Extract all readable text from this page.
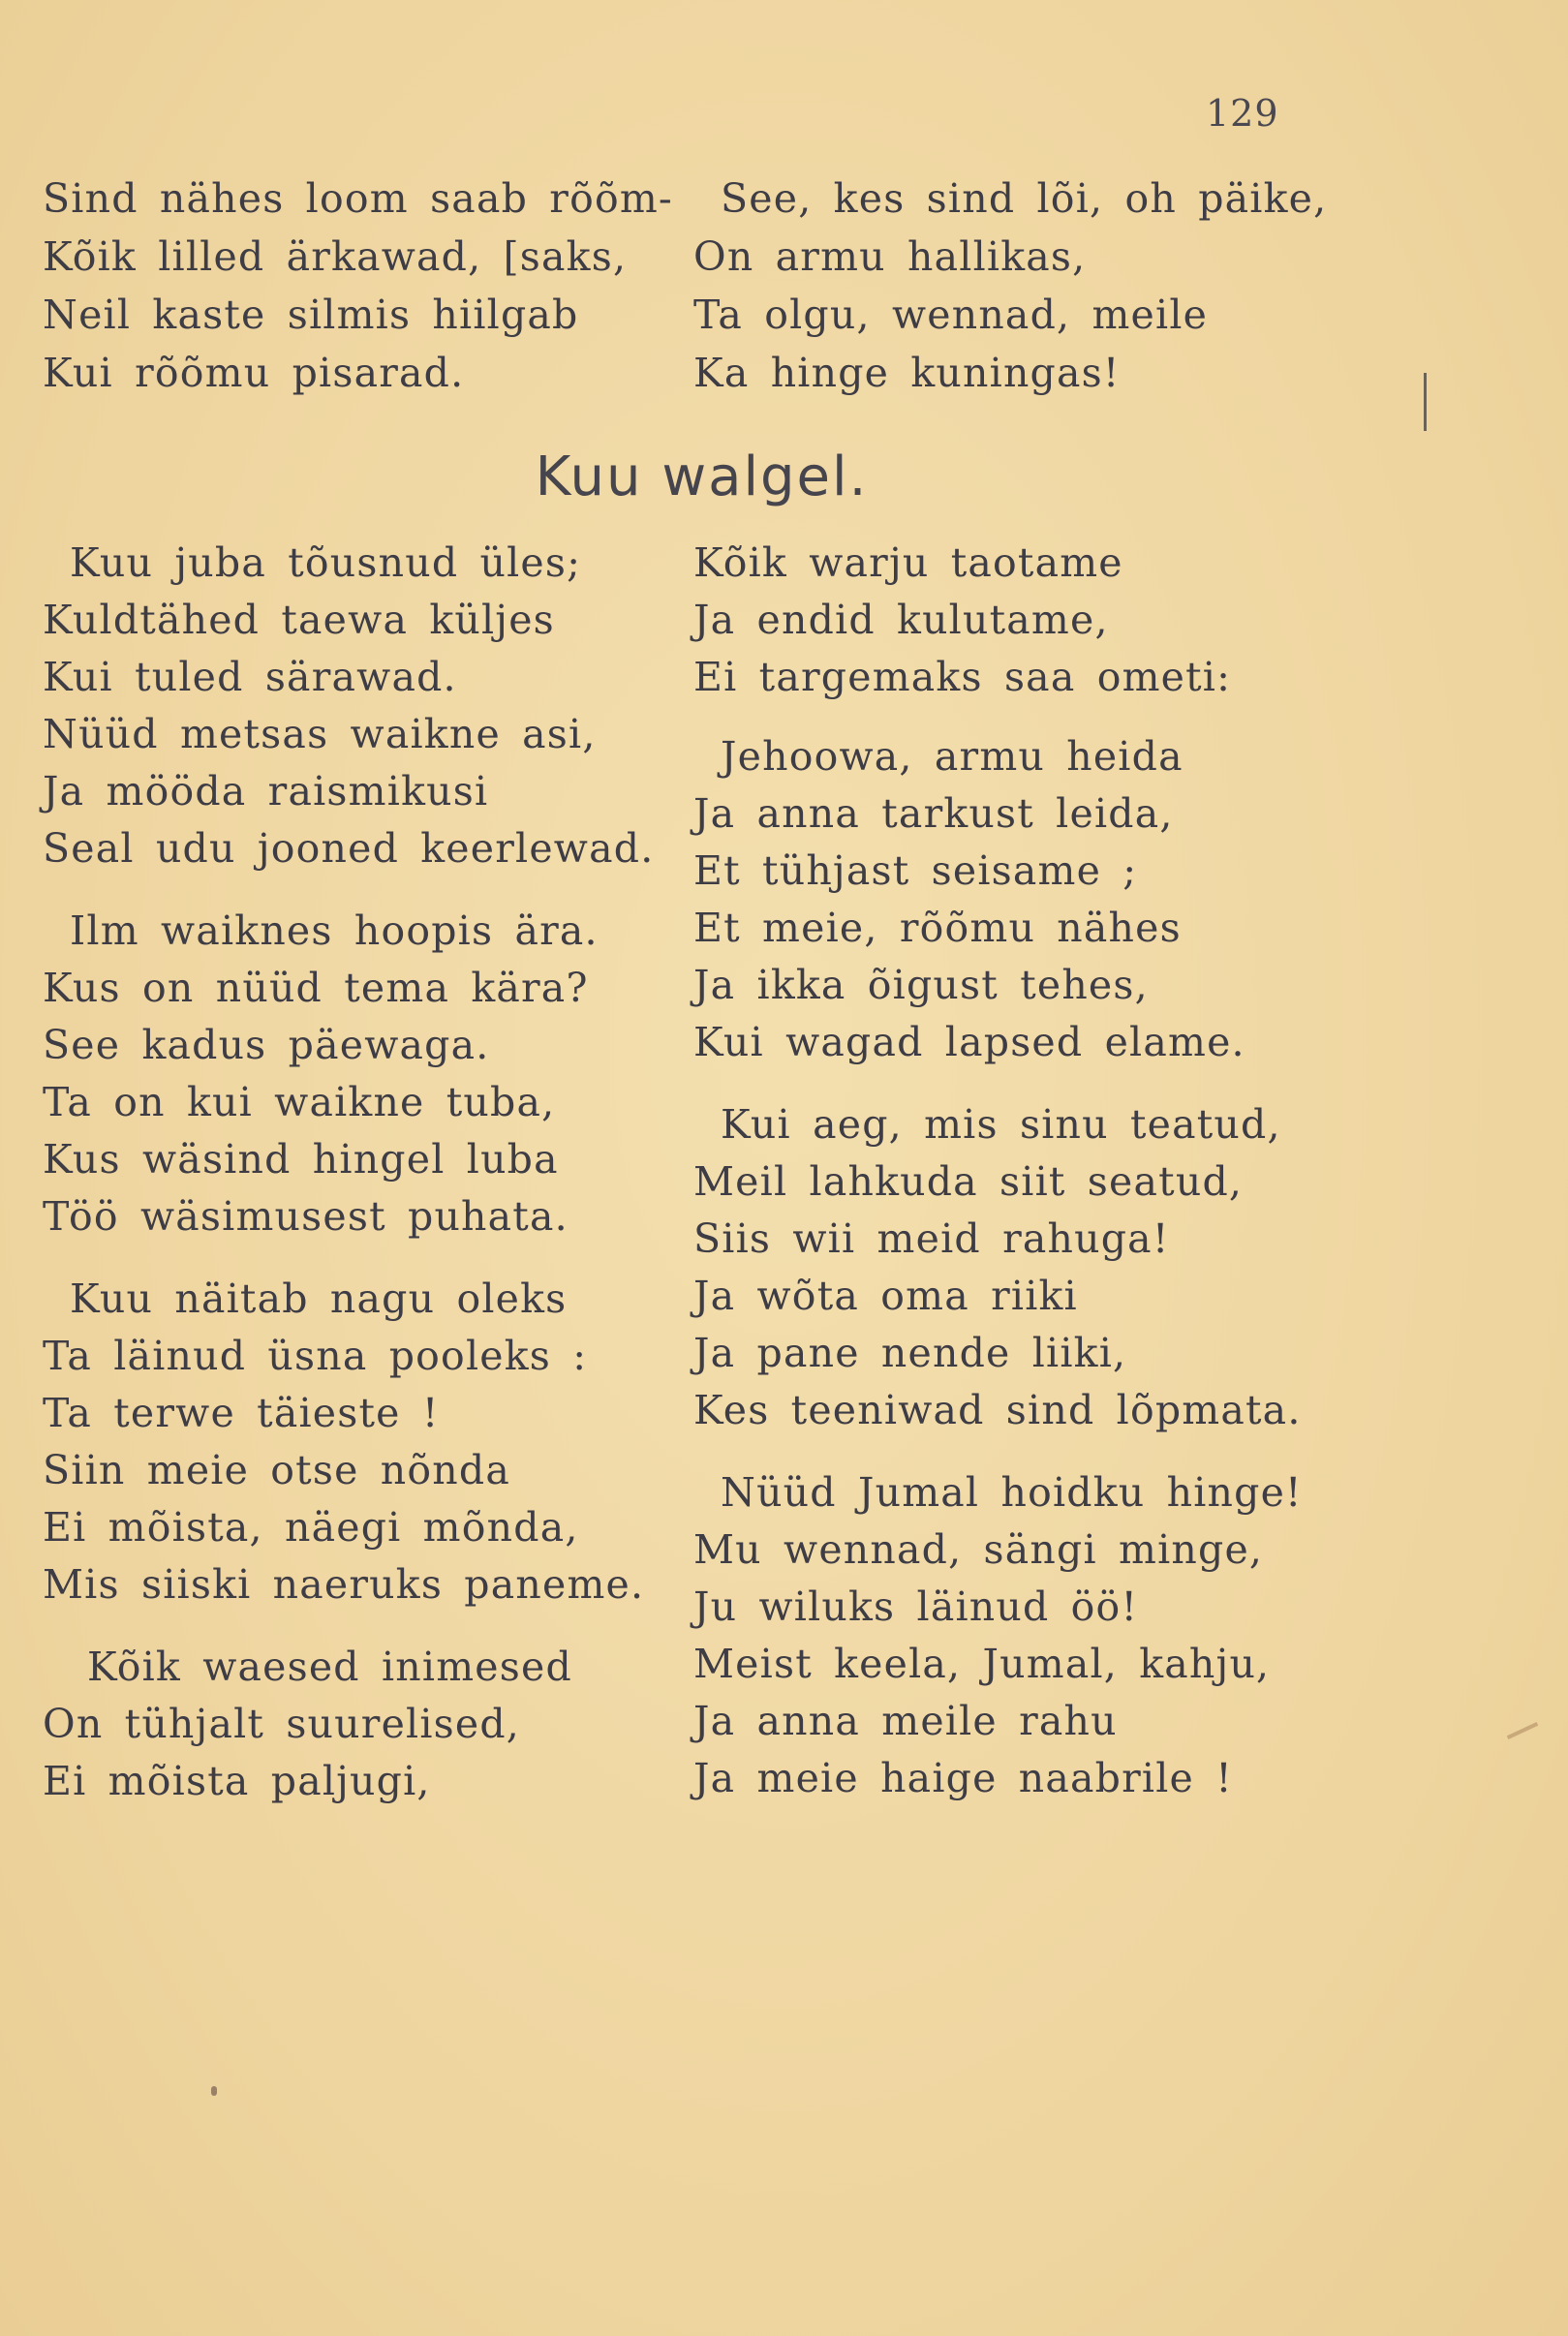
129
Sind nähes loom saab rõõm-
Kõik lilled ärkawad, [saks,
Neil kaste silmis hiilgab
Kui rõõmu pisarad.
See, kes sind lõi, oh päike,
On armu hallikas,
Ta olgu, wennad, meile
Ka hinge kuningas!
Kuu walgel.
Kuu juba tõusnud üles;
Kuldtähed taewa küljes
Kui tuled särawad.
Nüüd metsas waikne asi,
Ja mööda raismikusi
Seal udu jooned keerlewad.
Ilm waiknes hoopis ära.
Kus on nüüd tema kära?
See kadus päewaga.
Ta on kui waikne tuba,
Kus wäsind hingel luba
Töö wäsimusest puhata.
Kuu näitab nagu oleks
Ta läinud üsna pooleks :
Ta terwe täieste !
Siin meie otse nõnda
Ei mõista, näegi mõnda,
Mis siiski naeruks paneme.
Kõik waesed inimesed
On tühjalt suurelised,
Ei mõista paljugi,
Kõik warju taotame
Ja endid kulutame,
Ei targemaks saa ometi:
Jehoowa, armu heida
Ja anna tarkust leida,
Et tühjast seisame ;
Et meie, rõõmu nähes
Ja ikka õigust tehes,
Kui wagad lapsed elame.
Kui aeg, mis sinu teatud,
Meil lahkuda siit seatud,
Siis wii meid rahuga!
Ja wõta oma riiki
Ja pane nende liiki,
Kes teeniwad sind lõpmata.
Nüüd Jumal hoidku hinge!
Mu wennad, sängi minge,
Ju wiluks läinud öö!
Meist keela, Jumal, kahju,
Ja anna meile rahu
Ja meie haige naabrile !
